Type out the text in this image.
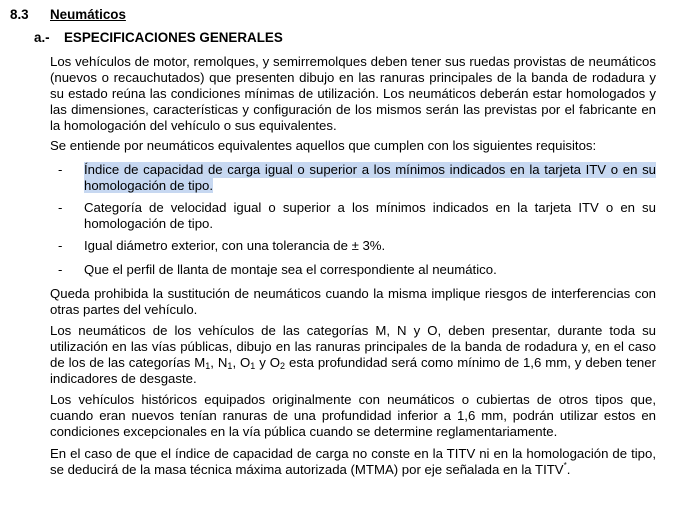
8.3 Neumáticos
a.- ESPECIFICACIONES GENERALES
Los vehículos de motor, remolques, y semirremolques deben tener sus ruedas provistas de neumáticos
(nuevos o recauchutados) que presenten dibujo en las ranuras principales de la banda de rodadura y
su estado reúna las condiciones mínimas de utilización. Los neumáticos deberán estar homologados y
las dimensiones, características y configuración de los mismos serán las previstas por el fabricante en
la homologación del vehículo o sus equivalentes.
Se entiende por neumáticos equivalentes aquellos que cumplen con los siguientes requisitos:
-	Índice de capacidad de carga igual o superior a los mínimos indicados en la tarjeta ITV o en su
homologación de tipo.
-	Categoría de velocidad igual o superior a los mínimos indicados en la tarjeta ITV o en su
homologación de tipo.
-	Igual diámetro exterior, con una tolerancia de ± 3%.
-	Que el perfil de llanta de montaje sea el correspondiente al neumático.
Queda prohibida la sustitución de neumáticos cuando la misma implique riesgos de interferencias con
otras partes del vehículo.
Los neumáticos de los vehículos de las categorías M, N y O, deben presentar, durante toda su
utilización en las vías públicas, dibujo en las ranuras principales de la banda de rodadura y, en el caso
de los de las categorías $M_1$, $N_1$, $O_1$ y $O_2$ esta profundidad será como mínimo de 1,6 mm, y deben tener
indicadores de desgaste.
Los vehículos históricos equipados originalmente con neumáticos o cubiertas de otros tipos que,
cuando eran nuevos tenían ranuras de una profundidad inferior a 1,6 mm, podrán utilizar estos en
condiciones excepcionales en la vía pública cuando se determine reglamentariamente.
En el caso de que el índice de capacidad de carga no conste en la TITV ni en la homologación de tipo,
se deducirá de la masa técnica máxima autorizada (MTMA) por eje señalada en la TITV*.
